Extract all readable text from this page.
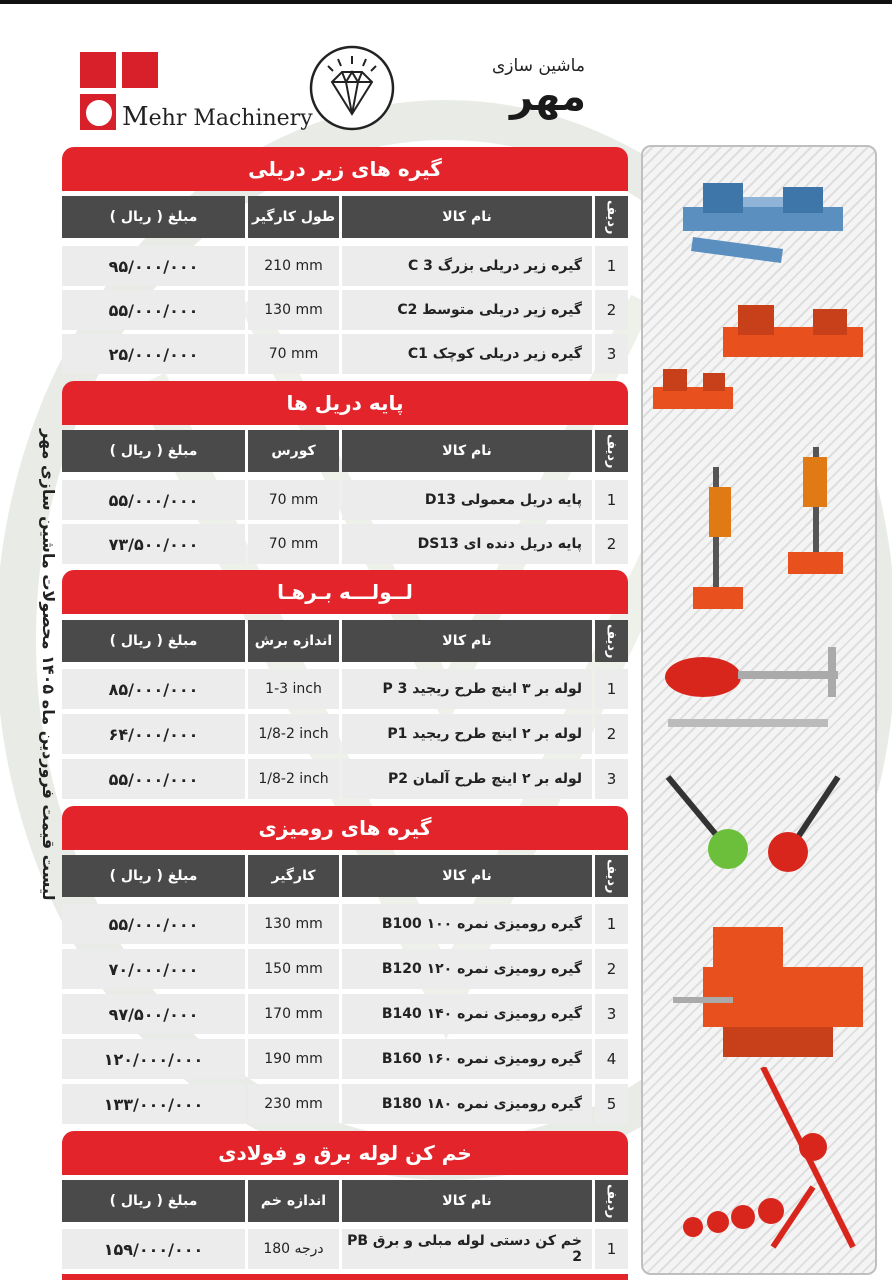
Mehr Machinery
ماشین سازی
مهر
لیست قیمت فروردین ماه ۱۴۰۵ محصولات ماشین سازی مهر
گیره های زیر دریلی
ردیف
نام کالا
طول کارگیر
مبلغ ( ریال )
1
گیره زیر دریلی بزرگ C 3
210 mm
۹۵/۰۰۰/۰۰۰
2
گیره زیر دریلی متوسط C2
130 mm
۵۵/۰۰۰/۰۰۰
3
گیره زیر دریلی کوچک C1
70 mm
۲۵/۰۰۰/۰۰۰
پایه دریل ها
ردیف
نام کالا
کورس
مبلغ ( ریال )
1
پایه دریل معمولی D13
70 mm
۵۵/۰۰۰/۰۰۰
2
پایه دریل دنده ای DS13
70 mm
۷۳/۵۰۰/۰۰۰
لــولـــه بـرهـا
ردیف
نام کالا
اندازه برش
مبلغ ( ریال )
1
لوله بر ۳ اینچ طرح ریجید P 3
1-3 inch
۸۵/۰۰۰/۰۰۰
2
لوله بر ۲ اینچ طرح ریجید P1
1/8-2 inch
۶۴/۰۰۰/۰۰۰
3
لوله بر ۲ اینچ طرح آلمان P2
1/8-2 inch
۵۵/۰۰۰/۰۰۰
گیره های رومیزی
ردیف
نام کالا
کارگیر
مبلغ ( ریال )
1
گیره رومیزی نمره ۱۰۰ B100
130 mm
۵۵/۰۰۰/۰۰۰
2
گیره رومیزی نمره ۱۲۰ B120
150 mm
۷۰/۰۰۰/۰۰۰
3
گیره رومیزی نمره ۱۴۰ B140
170 mm
۹۷/۵۰۰/۰۰۰
4
گیره رومیزی نمره ۱۶۰ B160
190 mm
۱۲۰/۰۰۰/۰۰۰
5
گیره رومیزی نمره ۱۸۰ B180
230 mm
۱۳۳/۰۰۰/۰۰۰
خم کن لوله برق و فولادی
ردیف
نام کالا
اندازه خم
مبلغ ( ریال )
1
خم کن دستی لوله مبلی و برق PB 2
180 درجه
۱۵۹/۰۰۰/۰۰۰
